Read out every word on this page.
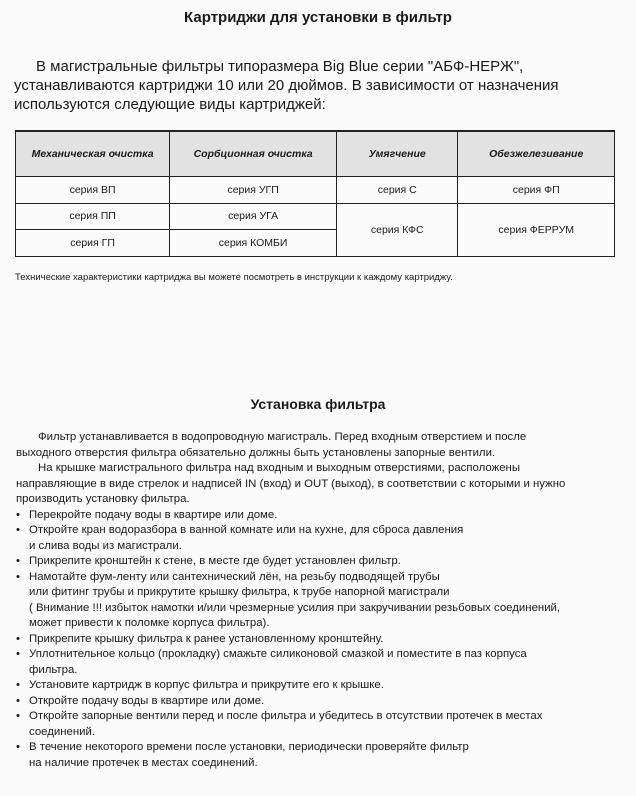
Картриджи для установки в фильтр
В магистральные фильтры типоразмера Big Blue серии "АБФ-НЕРЖ",
устанавливаются картриджи 10 или 20 дюймов. В зависимости от назначения
используются следующие виды картриджей:
Механическая очистка	Сорбционная очистка	Умягчение	Обезжелезивание
серия ВП	серия УГП	серия С	серия ФП
серия ПП	серия УГА	серия КФС	серия ФЕРРУМ
серия ГП	серия КОМБИ		
Технические характеристики картриджа вы можете посмотреть в инструкции к каждому картриджу.
Установка фильтра
Фильтр устанавливается в водопроводную магистраль. Перед входным отверстием и после
выходного отверстия фильтра обязательно должны быть установлены запорные вентили.
На крышке магистрального фильтра над входным и выходным отверстиями, расположены
направляющие в виде стрелок и надписей IN (вход) и OUT (выход), в соответствии с которыми и нужно
производить установку фильтра.
• Перекройте подачу воды в квартире или доме.
• Откройте кран водоразбора в ванной комнате или на кухне, для сброса давления
и слива воды из магистрали.
• Прикрепите кронштейн к стене, в месте где будет установлен фильтр.
• Намотайте фум-ленту или сантехнический лён, на резьбу подводящей трубы
или фитинг трубы и прикрутите крышку фильтра, к трубе напорной магистрали
( Внимание !!! избыток намотки и/или чрезмерные усилия при закручивании резьбовых соединений,
может привести к поломке корпуса фильтра).
• Прикрепите крышку фильтра к ранее установленному кронштейну.
• Уплотнительное кольцо (прокладку) смажьте силиконовой смазкой и поместите в паз корпуса
фильтра.
• Установите картридж в корпус фильтра и прикрутите его к крышке.
• Откройте подачу воды в квартире или доме.
• Откройте запорные вентили перед и после фильтра и убедитесь в отсутствии протечек в местах
соединений.
• В течение некоторого времени после установки, периодически проверяйте фильтр
на наличие протечек в местах соединений.
